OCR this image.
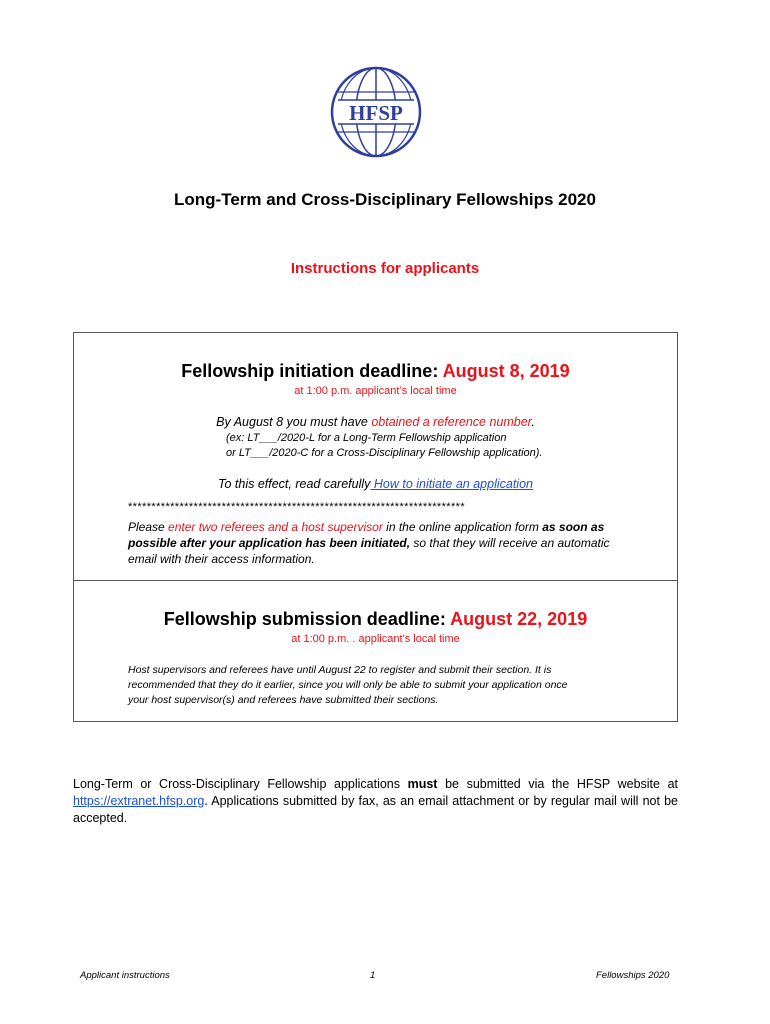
HFSP
Long-Term and Cross-Disciplinary Fellowships 2020
Instructions for applicants
Fellowship initiation deadline: August 8, 2019
at 1:00 p.m. applicant’s local time
By August 8 you must have obtained a reference number.
(ex: LT___/2020-L for a Long-Term Fellowship application
or LT___/2020-C for a Cross-Disciplinary Fellowship application).
To this effect, read carefully How to initiate an application
************************************************************************
Please enter two referees and a host supervisor in the online application form as soon as
possible after your application has been initiated, so that they will receive an automatic
email with their access information.
Fellowship submission deadline: August 22, 2019
at 1:00 p.m. . applicant’s local time
Host supervisors and referees have until August 22 to register and submit their section. It is
recommended that they do it earlier, since you will only be able to submit your application once
your host supervisor(s) and referees have submitted their sections.
Long-Term or Cross-Disciplinary Fellowship applications must be submitted via the HFSP website at https://extranet.hfsp.org. Applications submitted by fax, as an email attachment or by regular mail will not be accepted.
Applicant instructions	1	Fellowships 2020
